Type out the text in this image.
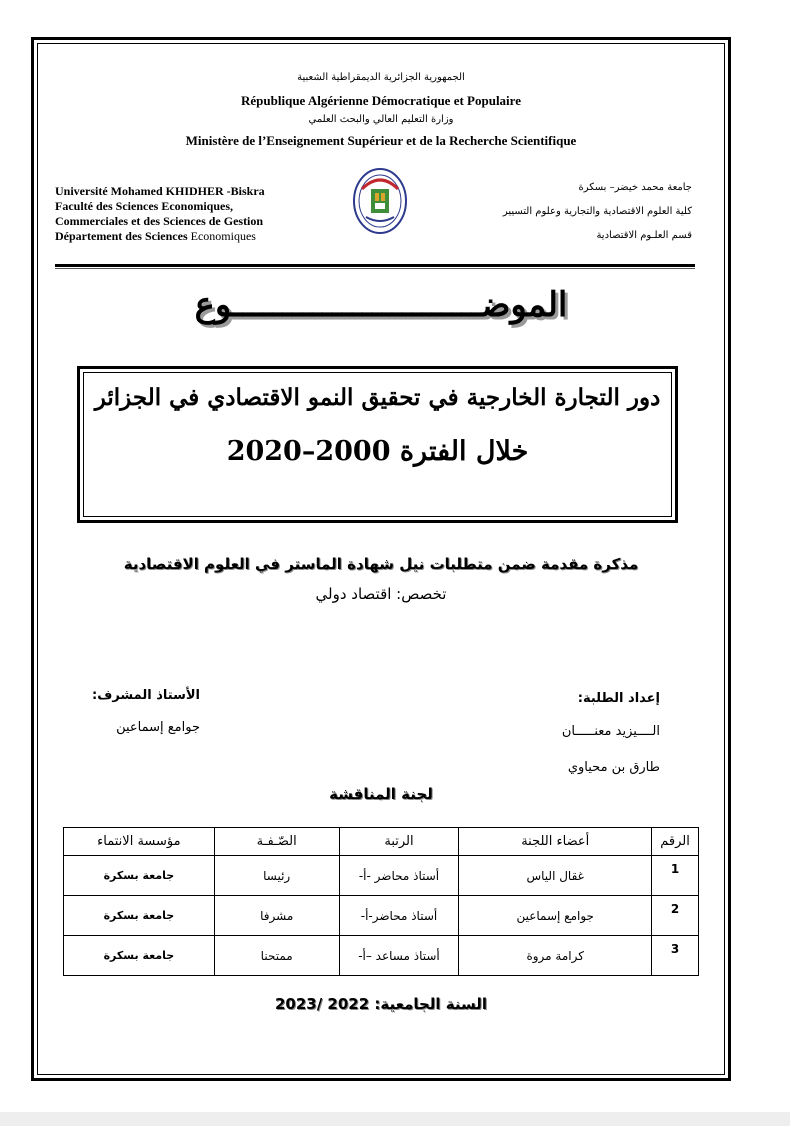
الجمهورية الجزائرية الديمقراطية الشعبية
République Algérienne Démocratique et Populaire
وزارة التعليم العالي والبحث العلمي
Ministère de l’Enseignement Supérieur et de la Recherche Scientifique
Université Mohamed KHIDHER -Biskra
Faculté des Sciences Economiques,
Commerciales et des Sciences de Gestion
Département des Sciences Economiques
جامعة محمد خيضر– بسكرة
كلية العلوم الاقتصادية والتجارية وعلوم التسيير
قسم العلـوم الاقتصادية
الموضـــــــــــــــــــــــــوع
دور التجارة الخارجية في تحقيق النمو الاقتصادي في الجزائر
خلال الفترة 2000–2020
مذكرة مقدمة ضمن متطلبات نيل شهادة الماستر في العلوم الاقتصادية
تخصص: اقتصاد دولي
الأستاذ المشرف:
جوامع إسماعين
إعداد الطلبة:
الــــيزيد معنـــــان
طارق بن محياوي
لجنة المناقشة
الرقم	أعضاء اللجنة	الرتبة	الصّـفـة	مؤسسة الانتماء
1	غقال الياس	أستاذ محاضر -أ-	رئيسا	جامعة بسكرة
2	جوامع إسماعين	أستاذ محاضر-أ-	مشرفا	جامعة بسكرة
3	كرامة مروة	أستاذ مساعد –أ-	ممتحنا	جامعة بسكرة
السنة الجامعية: 2022 /2023
